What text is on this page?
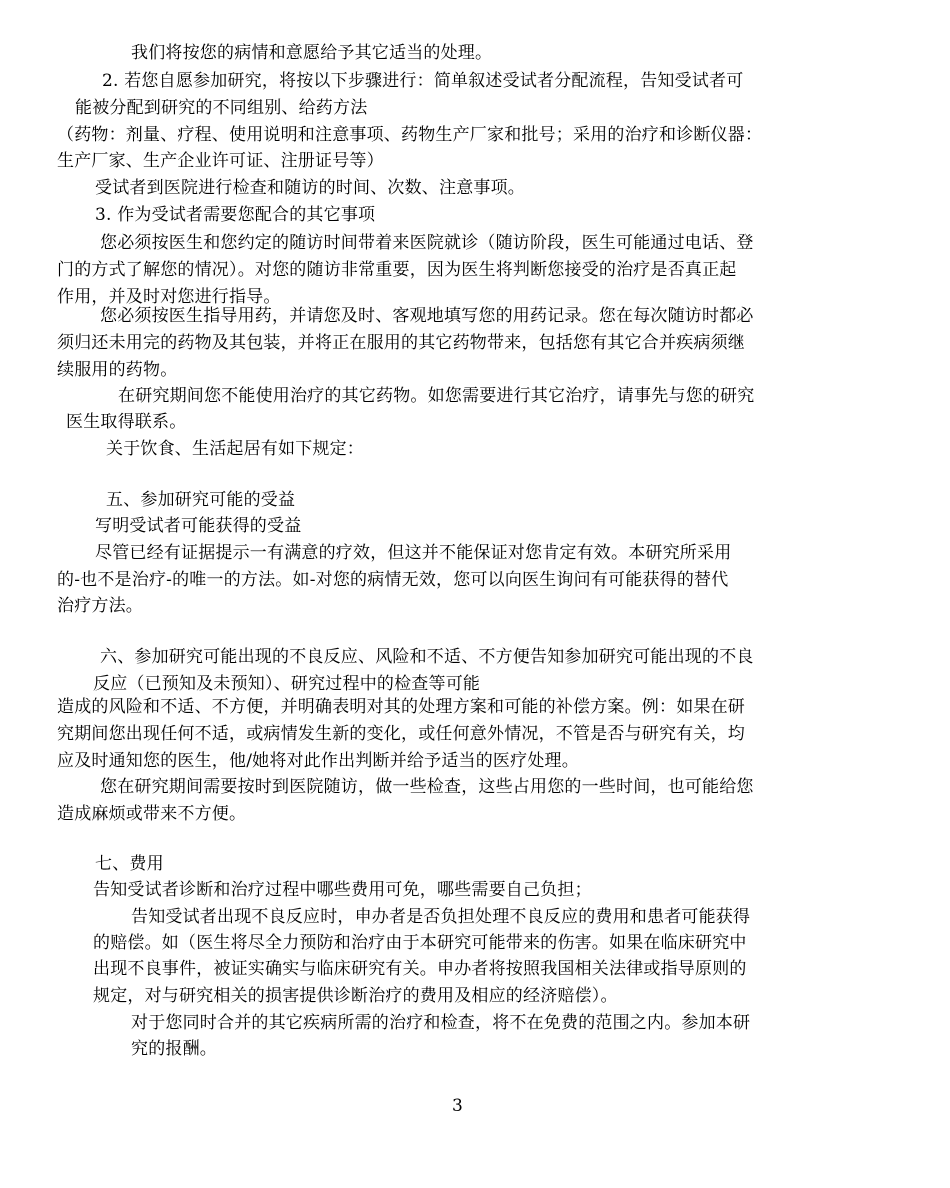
我们将按您的病情和意愿给予其它适当的处理。
2. 若您自愿参加研究，将按以下步骤进行：简单叙述受试者分配流程，告知受试者可
能被分配到研究的不同组别、给药方法
（药物：剂量、疗程、使用说明和注意事项、药物生产厂家和批号；采用的治疗和诊断仪器：
生产厂家、生产企业许可证、注册证号等）
受试者到医院进行检查和随访的时间、次数、注意事项。
3. 作为受试者需要您配合的其它事项
您必须按医生和您约定的随访时间带着来医院就诊（随访阶段，医生可能通过电话、登
门的方式了解您的情况）。对您的随访非常重要，因为医生将判断您接受的治疗是否真正起
作用，并及时对您进行指导。
您必须按医生指导用药，并请您及时、客观地填写您的用药记录。您在每次随访时都必
须归还未用完的药物及其包装，并将正在服用的其它药物带来，包括您有其它合并疾病须继
续服用的药物。
在研究期间您不能使用治疗的其它药物。如您需要进行其它治疗，请事先与您的研究
医生取得联系。
关于饮食、生活起居有如下规定：
五、参加研究可能的受益
写明受试者可能获得的受益
尽管已经有证据提示一有满意的疗效，但这并不能保证对您肯定有效。本研究所采用
的-也不是治疗-的唯一的方法。如-对您的病情无效，您可以向医生询问有可能获得的替代
治疗方法。
六、参加研究可能出现的不良反应、风险和不适、不方便告知参加研究可能出现的不良
反应（已预知及未预知）、研究过程中的检查等可能
造成的风险和不适、不方便，并明确表明对其的处理方案和可能的补偿方案。例：如果在研
究期间您出现任何不适，或病情发生新的变化，或任何意外情况，不管是否与研究有关，均
应及时通知您的医生，他/她将对此作出判断并给予适当的医疗处理。
您在研究期间需要按时到医院随访，做一些检查，这些占用您的一些时间，也可能给您
造成麻烦或带来不方便。
七、费用
告知受试者诊断和治疗过程中哪些费用可免，哪些需要自己负担；
告知受试者出现不良反应时，申办者是否负担处理不良反应的费用和患者可能获得
的赔偿。如（医生将尽全力预防和治疗由于本研究可能带来的伤害。如果在临床研究中
出现不良事件，被证实确实与临床研究有关。申办者将按照我国相关法律或指导原则的
规定，对与研究相关的损害提供诊断治疗的费用及相应的经济赔偿）。
对于您同时合并的其它疾病所需的治疗和检查，将不在免费的范围之内。参加本研
究的报酬。
3
